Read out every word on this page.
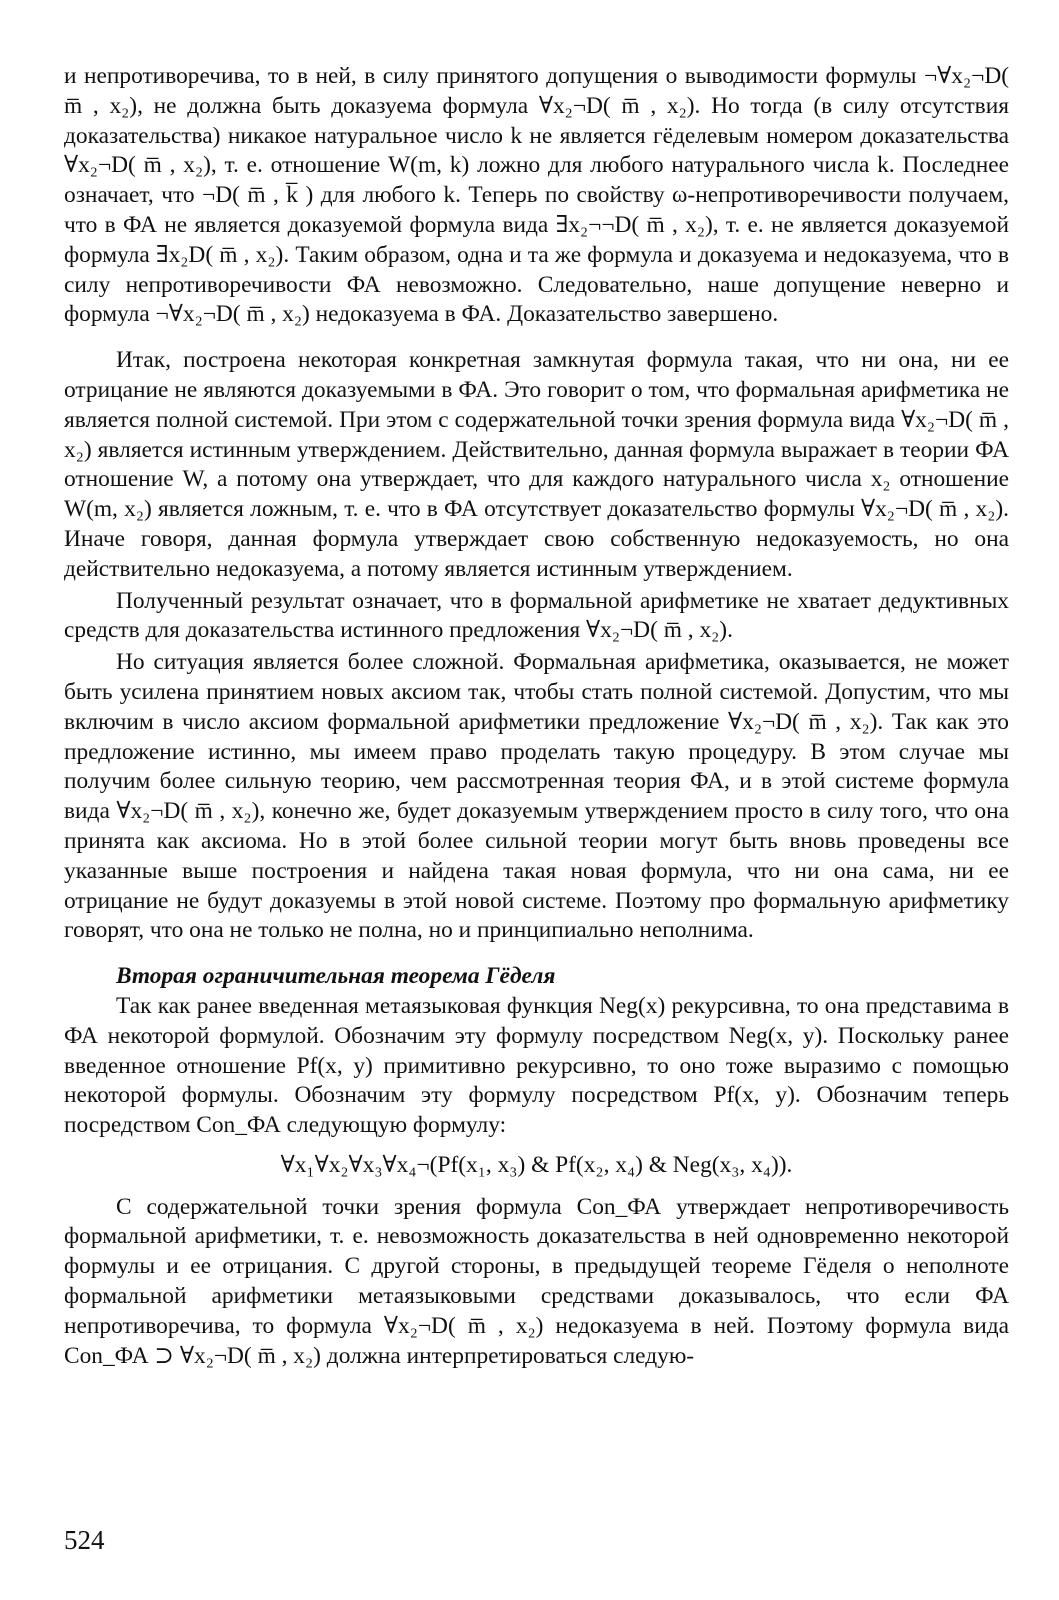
и непротиворечива, то в ней, в силу принятого допущения о выводимости формулы ¬∀x₂¬D( m̅ , x₂), не должна быть доказуема формула ∀x₂¬D( m̅ , x₂). Но тогда (в силу отсутствия доказательства) никакое натуральное число k не является гёделевым номером доказательства ∀x₂¬D( m̅ , x₂), т. е. отношение W(m, k) ложно для любого натурального числа k. Последнее означает, что ¬D( m̅ , k̅ ) для любого k. Теперь по свойству ω-непротиворечивости получаем, что в ФА не является доказуемой формула вида ∃x₂¬¬D( m̅ , x₂), т. е. не является доказуемой формула ∃x₂D( m̅ , x₂). Таким образом, одна и та же формула и доказуема и недоказуема, что в силу непротиворечивости ФА невозможно. Следовательно, наше допущение неверно и формула ¬∀x₂¬D( m̅ , x₂) недоказуема в ФА. Доказательство завершено.

Итак, построена некоторая конкретная замкнутая формула такая, что ни она, ни ее отрицание не являются доказуемыми в ФА. Это говорит о том, что формальная арифметика не является полной системой. При этом с содержательной точки зрения формула вида ∀x₂¬D( m̅ , x₂) является истинным утверждением. Действительно, данная формула выражает в теории ФА отношение W, а потому она утверждает, что для каждого натурального числа x₂ отношение W(m, x₂) является ложным, т. е. что в ФА отсутствует доказательство формулы ∀x₂¬D( m̅ , x₂). Иначе говоря, данная формула утверждает свою собственную недоказуемость, но она действительно недоказуема, а потому является истинным утверждением.

Полученный результат означает, что в формальной арифметике не хватает дедуктивных средств для доказательства истинного предложения ∀x₂¬D( m̅ , x₂).

Но ситуация является более сложной. Формальная арифметика, оказывается, не может быть усилена принятием новых аксиом так, чтобы стать полной системой. Допустим, что мы включим в число аксиом формальной арифметики предложение ∀x₂¬D( m̅ , x₂). Так как это предложение истинно, мы имеем право проделать такую процедуру. В этом случае мы получим более сильную теорию, чем рассмотренная теория ФА, и в этой системе формула вида ∀x₂¬D( m̅ , x₂), конечно же, будет доказуемым утверждением просто в силу того, что она принята как аксиома. Но в этой более сильной теории могут быть вновь проведены все указанные выше построения и найдена такая новая формула, что ни она сама, ни ее отрицание не будут доказуемы в этой новой системе. Поэтому про формальную арифметику говорят, что она не только не полна, но и принципиально неполнима.

Вторая ограничительная теорема Гёделя

Так как ранее введенная метаязыковая функция Neg(x) рекурсивна, то она представима в ФА некоторой формулой. Обозначим эту формулу посредством Neg(x, y). Поскольку ранее введенное отношение Pf(x, y) примитивно рекурсивно, то оно тоже выразимо с помощью некоторой формулы. Обозначим эту формулу посредством Pf(x, y). Обозначим теперь посредством Con_ФА следующую формулу:

∀x₁∀x₂∀x₃∀x₄¬(Pf(x₁, x₃) & Pf(x₂, x₄) & Neg(x₃, x₄)).

С содержательной точки зрения формула Con_ФА утверждает непротиворечивость формальной арифметики, т. е. невозможность доказательства в ней одновременно некоторой формулы и ее отрицания. С другой стороны, в предыдущей теореме Гёделя о неполноте формальной арифметики метаязыковыми средствами доказывалось, что если ФА непротиворечива, то формула ∀x₂¬D( m̅ , x₂) недоказуема в ней. Поэтому формула вида Con_ФА ⊃ ∀x₂¬D( m̅ , x₂) должна интерпретироваться следую-

524
